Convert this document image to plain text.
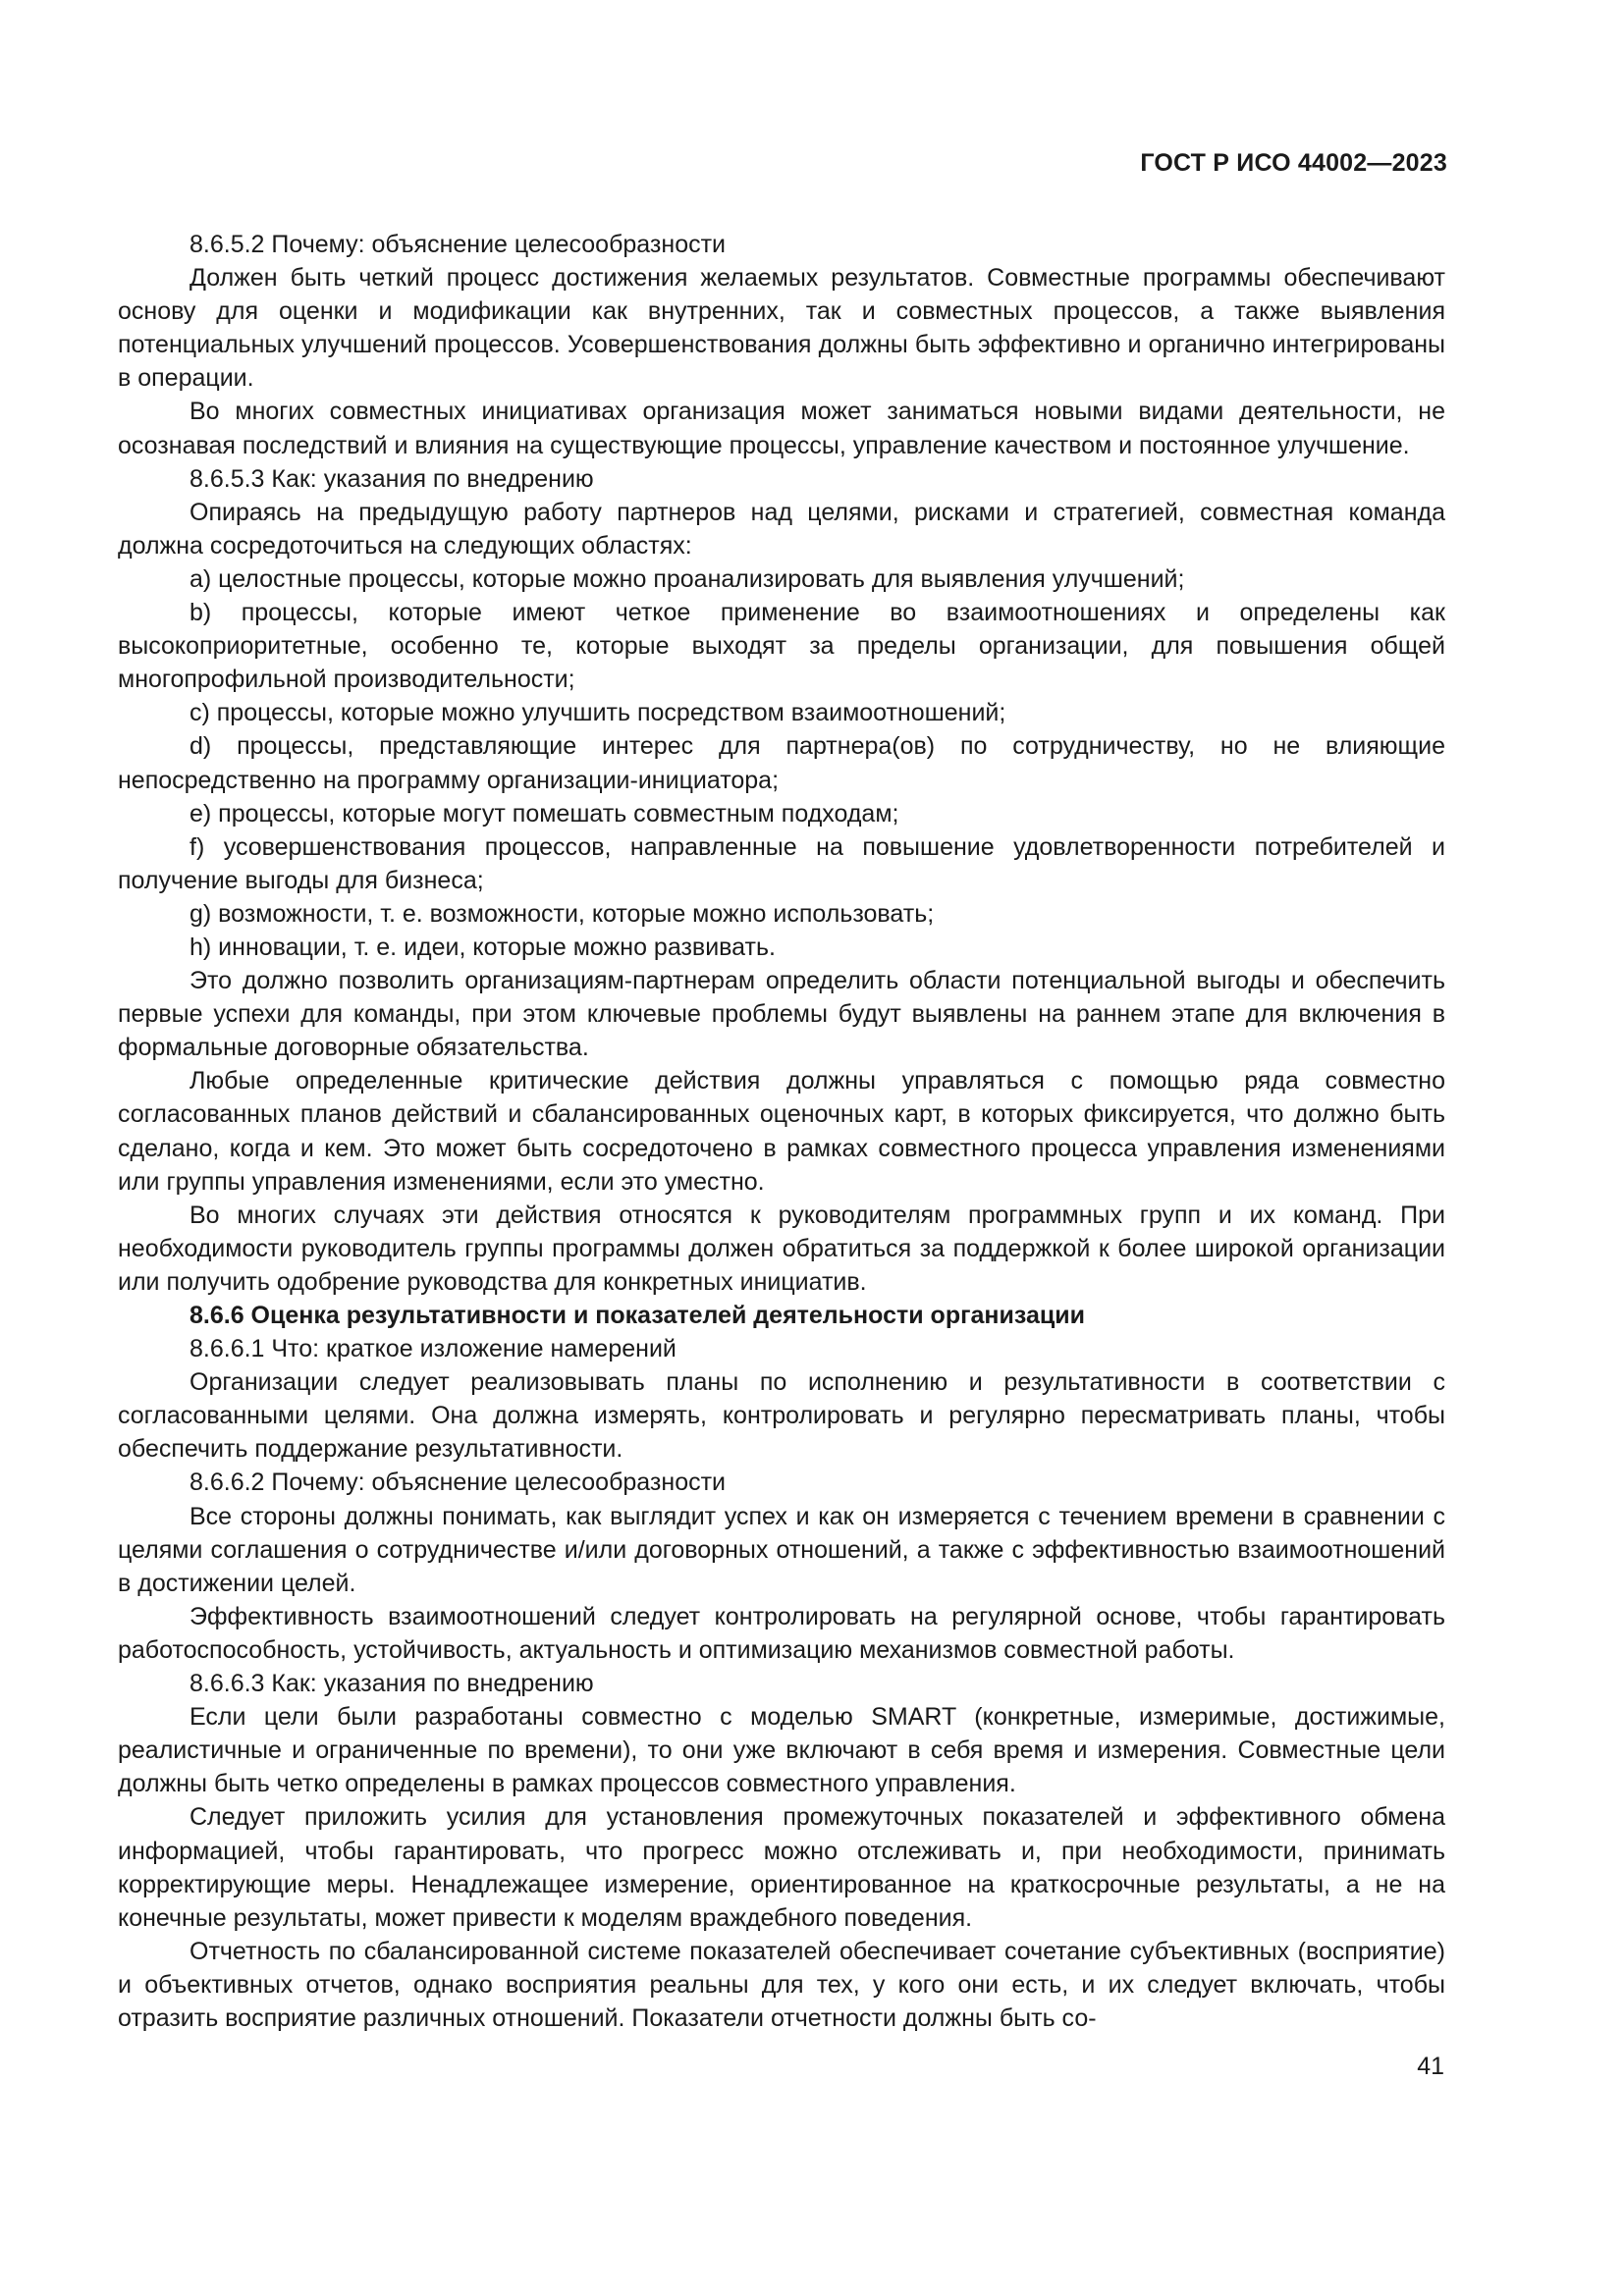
ГОСТ Р ИСО 44002—2023

8.6.5.2 Почему: объяснение целесообразности

Должен быть четкий процесс достижения желаемых результатов. Совместные программы обеспечивают основу для оценки и модификации как внутренних, так и совместных процессов, а также выявления потенциальных улучшений процессов. Усовершенствования должны быть эффективно и органично интегрированы в операции.

Во многих совместных инициативах организация может заниматься новыми видами деятельности, не осознавая последствий и влияния на существующие процессы, управление качеством и постоянное улучшение.

8.6.5.3 Как: указания по внедрению

Опираясь на предыдущую работу партнеров над целями, рисками и стратегией, совместная команда должна сосредоточиться на следующих областях:

a) целостные процессы, которые можно проанализировать для выявления улучшений;

b) процессы, которые имеют четкое применение во взаимоотношениях и определены как высокоприоритетные, особенно те, которые выходят за пределы организации, для повышения общей многопрофильной производительности;

c) процессы, которые можно улучшить посредством взаимоотношений;

d) процессы, представляющие интерес для партнера(ов) по сотрудничеству, но не влияющие непосредственно на программу организации-инициатора;

e) процессы, которые могут помешать совместным подходам;

f) усовершенствования процессов, направленные на повышение удовлетворенности потребителей и получение выгоды для бизнеса;

g) возможности, т. е. возможности, которые можно использовать;

h) инновации, т. е. идеи, которые можно развивать.

Это должно позволить организациям-партнерам определить области потенциальной выгоды и обеспечить первые успехи для команды, при этом ключевые проблемы будут выявлены на раннем этапе для включения в формальные договорные обязательства.

Любые определенные критические действия должны управляться с помощью ряда совместно согласованных планов действий и сбалансированных оценочных карт, в которых фиксируется, что должно быть сделано, когда и кем. Это может быть сосредоточено в рамках совместного процесса управления изменениями или группы управления изменениями, если это уместно.

Во многих случаях эти действия относятся к руководителям программных групп и их команд. При необходимости руководитель группы программы должен обратиться за поддержкой к более широкой организации или получить одобрение руководства для конкретных инициатив.

8.6.6 Оценка результативности и показателей деятельности организации

8.6.6.1 Что: краткое изложение намерений

Организации следует реализовывать планы по исполнению и результативности в соответствии с согласованными целями. Она должна измерять, контролировать и регулярно пересматривать планы, чтобы обеспечить поддержание результативности.

8.6.6.2 Почему: объяснение целесообразности

Все стороны должны понимать, как выглядит успех и как он измеряется с течением времени в сравнении с целями соглашения о сотрудничестве и/или договорных отношений, а также с эффективностью взаимоотношений в достижении целей.

Эффективность взаимоотношений следует контролировать на регулярной основе, чтобы гарантировать работоспособность, устойчивость, актуальность и оптимизацию механизмов совместной работы.

8.6.6.3 Как: указания по внедрению

Если цели были разработаны совместно с моделью SMART (конкретные, измеримые, достижимые, реалистичные и ограниченные по времени), то они уже включают в себя время и измерения. Совместные цели должны быть четко определены в рамках процессов совместного управления.

Следует приложить усилия для установления промежуточных показателей и эффективного обмена информацией, чтобы гарантировать, что прогресс можно отслеживать и, при необходимости, принимать корректирующие меры. Ненадлежащее измерение, ориентированное на краткосрочные результаты, а не на конечные результаты, может привести к моделям враждебного поведения.

Отчетность по сбалансированной системе показателей обеспечивает сочетание субъективных (восприятие) и объективных отчетов, однако восприятия реальны для тех, у кого они есть, и их следует включать, чтобы отразить восприятие различных отношений. Показатели отчетности должны быть со-

41
